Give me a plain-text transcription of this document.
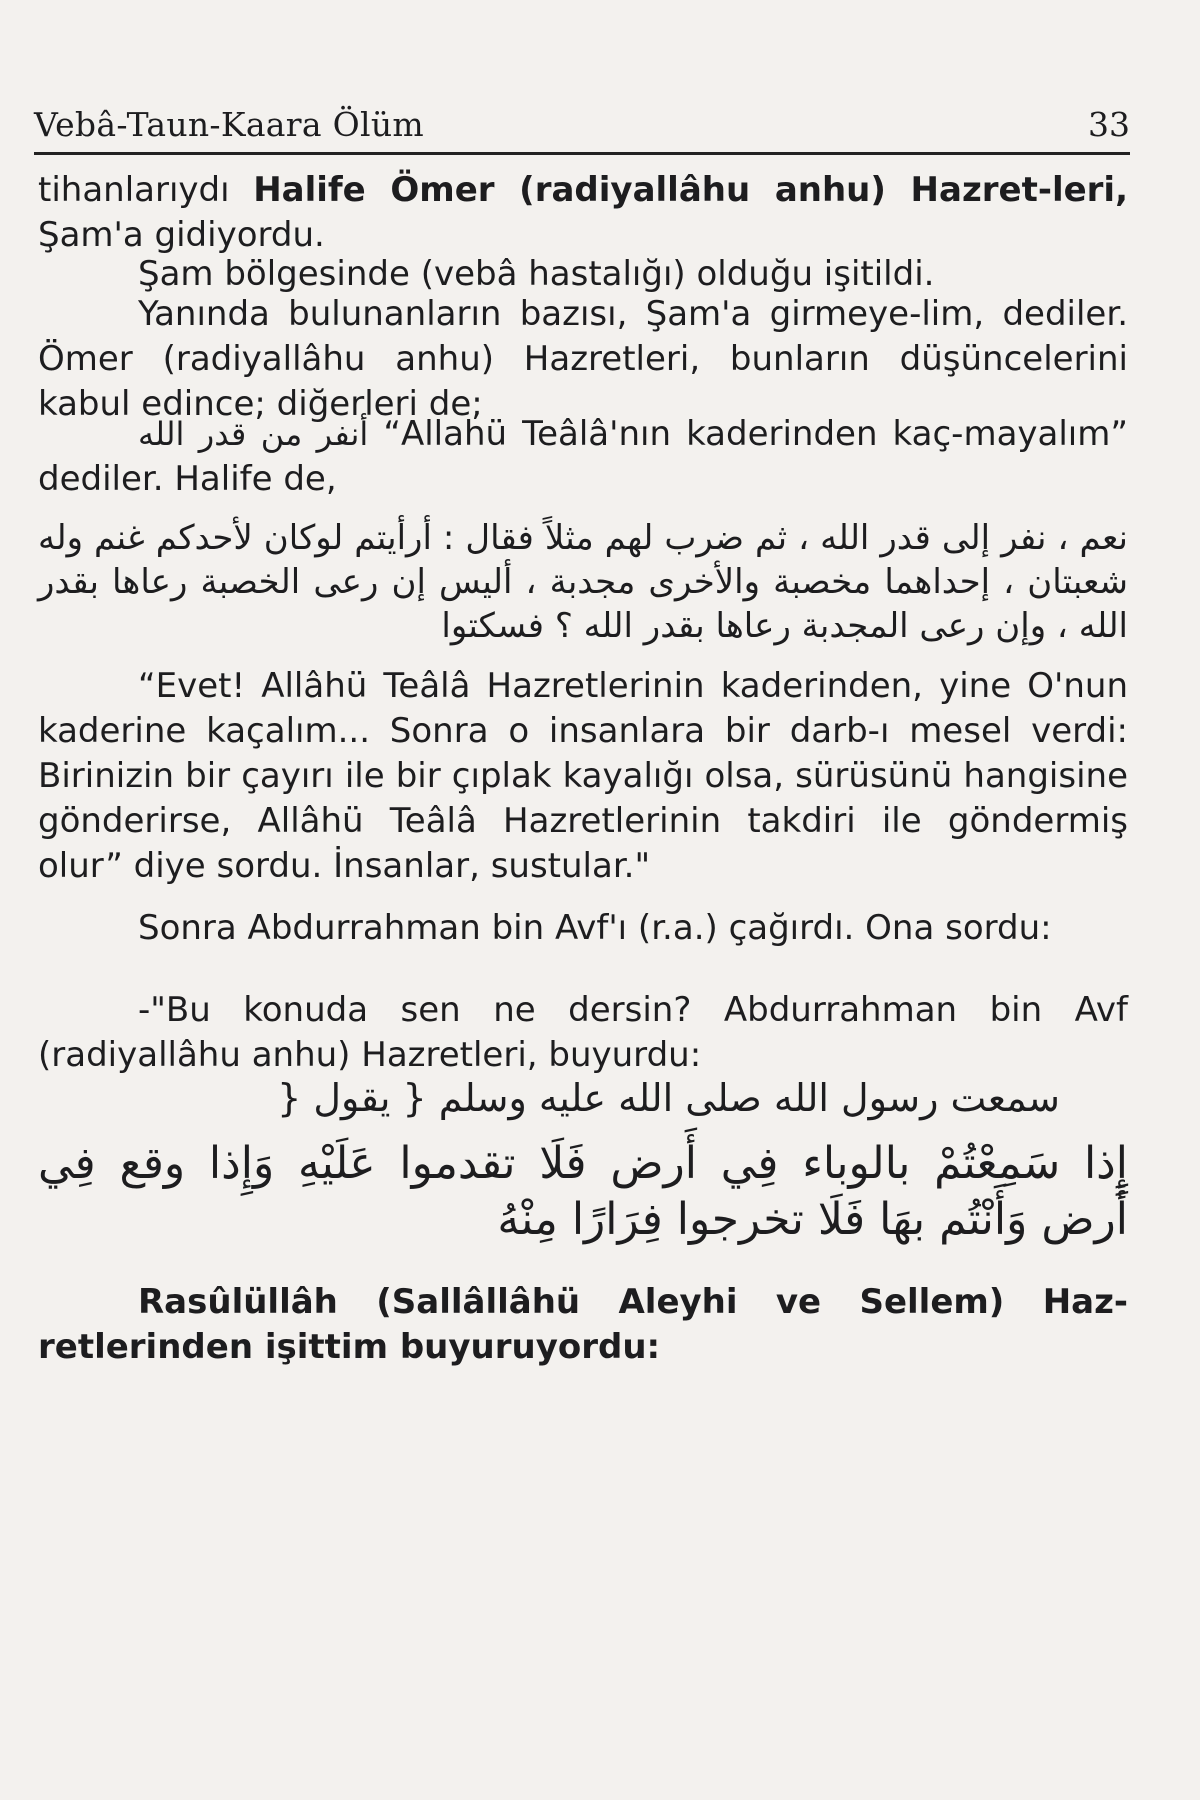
Vebâ-Taun-Kaara Ölüm	33

tihanlarıydı Halife Ömer (radiyallâhu anhu) Hazret-leri, Şam'a gidiyordu.

Şam bölgesinde (vebâ hastalığı) olduğu işitildi.

Yanında bulunanların bazısı, Şam'a girmeye-lim, dediler. Ömer (radiyallâhu anhu) Hazretleri, bunların düşüncelerini kabul edince; diğerleri de;

أنفر من قدر الله “Allahü Teâlâ'nın kaderinden kaç-mayalım” dediler. Halife de,

نعم ، نفر إلى قدر الله ، ثم ضرب لهم مثلاً فقال : أرأيتم لوكان لأحدكم غنم وله شعبتان ، إحداهما مخصبة والأخرى مجدبة ، أليس إن رعى الخصبة رعاها بقدر الله ، وإن رعى المجدبة رعاها بقدر الله ؟ فسكتوا

“Evet! Allâhü Teâlâ Hazretlerinin kaderinden, yine O'nun kaderine kaçalım... Sonra o insanlara bir darb-ı mesel verdi: Birinizin bir çayırı ile bir çıplak kayalığı olsa, sürüsünü hangisine gönderirse, Allâhü Teâlâ Hazretlerinin takdiri ile göndermiş olur” diye sordu. İnsanlar, sustular."

Sonra Abdurrahman bin Avf'ı (r.a.) çağırdı. Ona sordu:

-"Bu konuda sen ne dersin? Abdurrahman bin Avf (radiyallâhu anhu) Hazretleri, buyurdu:

سمعت رسول الله صلى الله عليه وسلم { يقول {

إِذا سَمِعْتُمْ بالوباء فِي أَرض فَلَا تقدموا عَلَيْهِ وَإِذا وقع فِي أَرض وَأَنْتُم بهَا فَلَا تخرجوا فِرَارًا مِنْهُ

Rasûlüllâh (Sallâllâhü Aleyhi ve Sellem) Haz-retlerinden işittim buyuruyordu:
